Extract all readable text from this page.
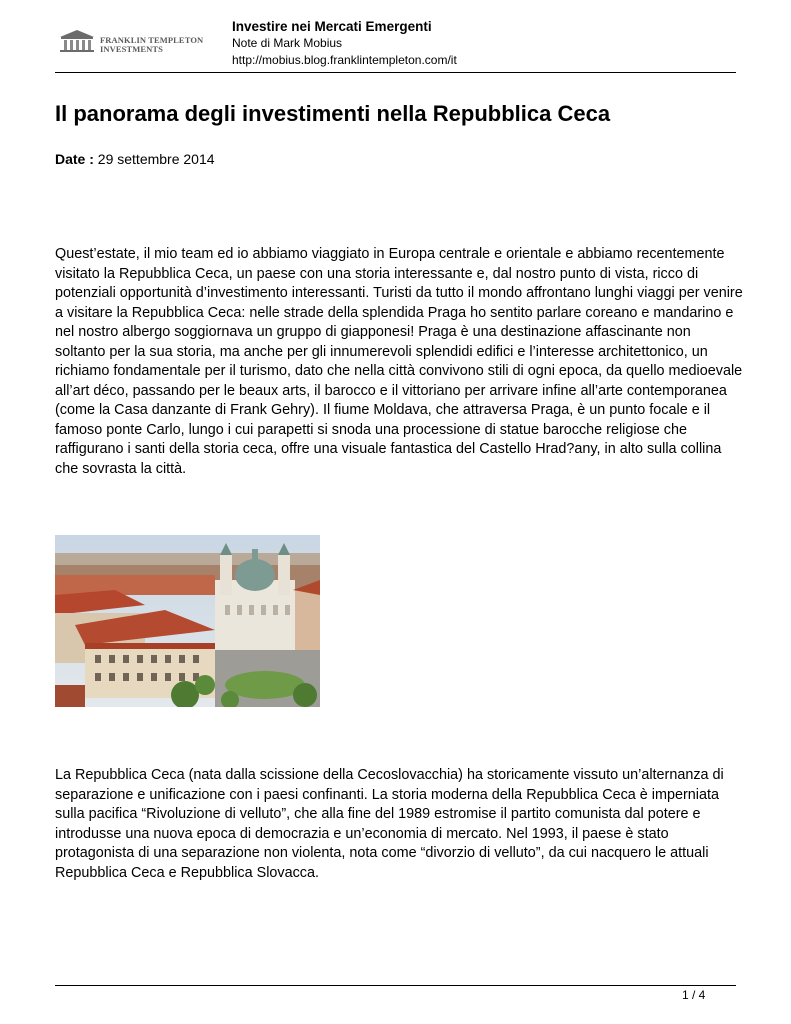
FRANKLIN TEMPLETON
INVESTMENTS
Investire nei Mercati Emergenti
Note di Mark Mobius
http://mobius.blog.franklintempleton.com/it
Il panorama degli investimenti nella Repubblica Ceca
Date : 29 settembre 2014

Quest’estate, il mio team ed io abbiamo viaggiato in Europa centrale e orientale e abbiamo recentemente visitato la Repubblica Ceca, un paese con una storia interessante e, dal nostro punto di vista, ricco di potenziali opportunità d’investimento interessanti. Turisti da tutto il mondo affrontano lunghi viaggi per venire a visitare la Repubblica Ceca: nelle strade della splendida Praga ho sentito parlare coreano e mandarino e nel nostro albergo soggiornava un gruppo di giapponesi! Praga è una destinazione affascinante non soltanto per la sua storia, ma anche per gli innumerevoli splendidi edifici e l’interesse architettonico, un richiamo fondamentale per il turismo, dato che nella città convivono stili di ogni epoca, da quello medioevale all’art déco, passando per le beaux arts, il barocco e il vittoriano per arrivare infine all’arte contemporanea (come la Casa danzante di Frank Gehry). Il fiume Moldava, che attraversa Praga, è un punto focale e il famoso ponte Carlo, lungo i cui parapetti si snoda una processione di statue barocche religiose che raffigurano i santi della storia ceca, offre una visuale fantastica del Castello Hrad?any, in alto sulla collina che sovrasta la città.

La Repubblica Ceca (nata dalla scissione della Cecoslovacchia) ha storicamente vissuto un’alternanza di separazione e unificazione con i paesi confinanti. La storia moderna della Repubblica Ceca è imperniata sulla pacifica “Rivoluzione di velluto”, che alla fine del 1989 estromise il partito comunista dal potere e introdusse una nuova epoca di democrazia e un’economia di mercato. Nel 1993, il paese è stato protagonista di una separazione non violenta, nota come “divorzio di velluto”, da cui nacquero le attuali Repubblica Ceca e Repubblica Slovacca.

1 / 4
